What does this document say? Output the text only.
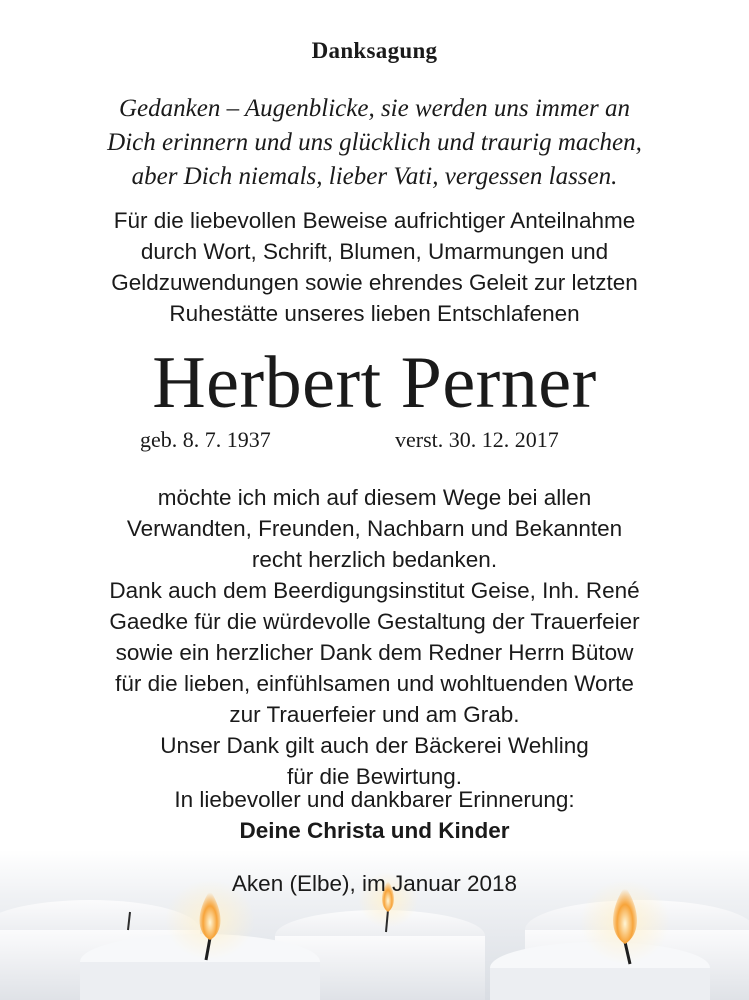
Danksagung
Gedanken – Augenblicke, sie werden uns immer an
Dich erinnern und uns glücklich und traurig machen,
aber Dich niemals, lieber Vati, vergessen lassen.
Für die liebevollen Beweise aufrichtiger Anteilnahme
durch Wort, Schrift, Blumen, Umarmungen und
Geldzuwendungen sowie ehrendes Geleit zur letzten
Ruhestätte unseres lieben Entschlafenen
Herbert Perner
geb. 8. 7. 1937	verst. 30. 12. 2017
möchte ich mich auf diesem Wege bei allen
Verwandten, Freunden, Nachbarn und Bekannten
recht herzlich bedanken.
Dank auch dem Beerdigungsinstitut Geise, Inh. René
Gaedke für die würdevolle Gestaltung der Trauerfeier
sowie ein herzlicher Dank dem Redner Herrn Bütow
für die lieben, einfühlsamen und wohltuenden Worte
zur Trauerfeier und am Grab.
Unser Dank gilt auch der Bäckerei Wehling
für die Bewirtung.
In liebevoller und dankbarer Erinnerung:
Deine Christa und Kinder
Aken (Elbe), im Januar 2018
